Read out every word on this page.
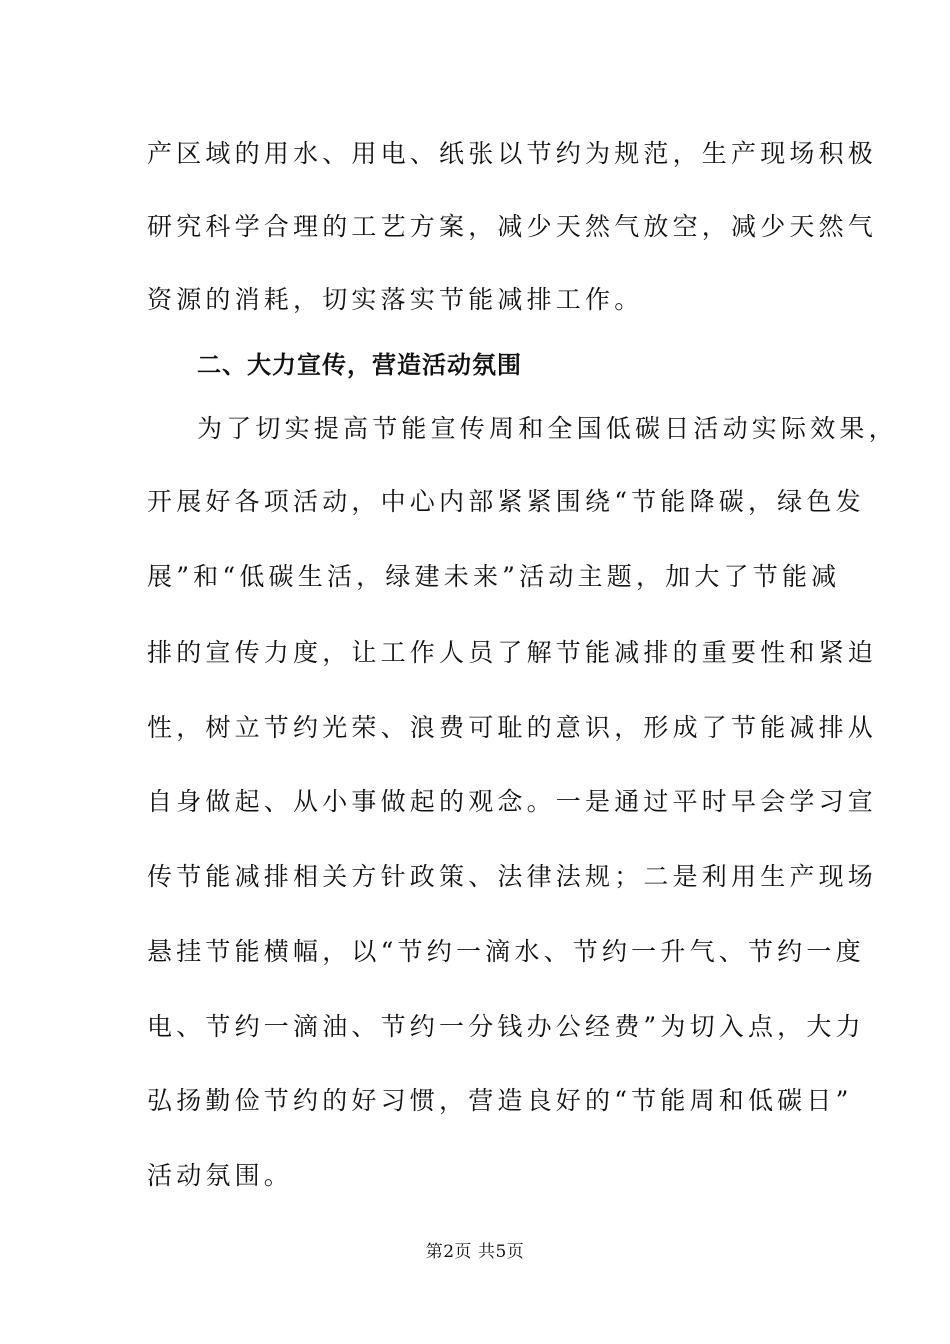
产区域的用水、用电、纸张以节约为规范，生产现场积极
研究科学合理的工艺方案，减少天然气放空，减少天然气
资源的消耗，切实落实节能减排工作。
二、大力宣传，营造活动氛围
为了切实提高节能宣传周和全国低碳日活动实际效果，
开展好各项活动，中心内部紧紧围绕“节能降碳，绿色发
展”和“低碳生活，绿建未来”活动主题，加大了节能减
排的宣传力度，让工作人员了解节能减排的重要性和紧迫
性，树立节约光荣、浪费可耻的意识，形成了节能减排从
自身做起、从小事做起的观念。一是通过平时早会学习宣
传节能减排相关方针政策、法律法规；二是利用生产现场
悬挂节能横幅，以“节约一滴水、节约一升气、节约一度
电、节约一滴油、节约一分钱办公经费”为切入点，大力
弘扬勤俭节约的好习惯，营造良好的“节能周和低碳日”
活动氛围。
第2页 共5页
